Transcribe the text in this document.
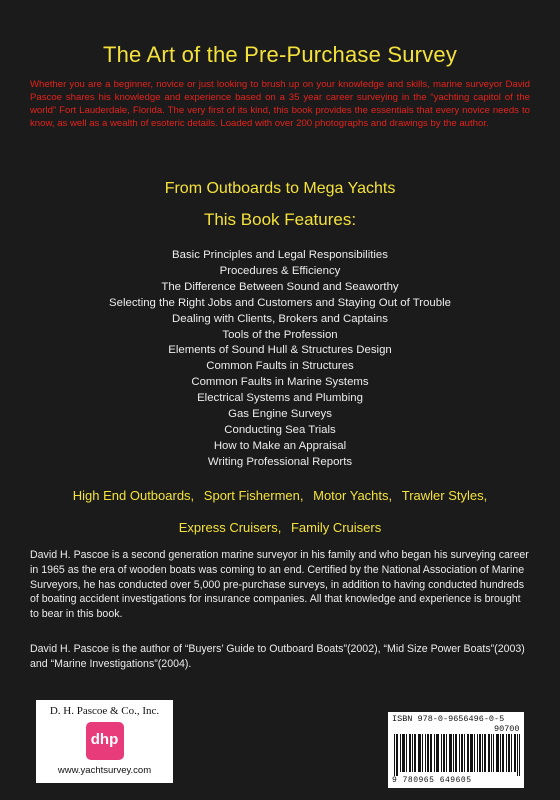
The Art of the Pre-Purchase Survey
Whether you are a beginner, novice or just looking to brush up on your knowledge and skills, marine surveyor David Pascoe shares his knowledge and experience based on a 35 year career surveying in the “yachting capitol of the world” Fort Lauderdale, Florida. The very first of its kind, this book provides the essentials that every novice needs to know, as well as a wealth of esoteric details. Loaded with over 200 photographs and drawings by the author.
From Outboards to Mega Yachts
This Book Features:
Basic Principles and Legal Responsibilities
Procedures & Efficiency
The Difference Between Sound and Seaworthy
Selecting the Right Jobs and Customers and Staying Out of Trouble
Dealing with Clients, Brokers and Captains
Tools of the Profession
Elements of Sound Hull & Structures Design
Common Faults in Structures
Common Faults in Marine Systems
Electrical Systems and Plumbing
Gas Engine Surveys
Conducting Sea Trials
How to Make an Appraisal
Writing Professional Reports
High End Outboards, Sport Fishermen, Motor Yachts, Trawler Styles,
Express Cruisers, Family Cruisers
David H. Pascoe is a second generation marine surveyor in his family and who began his surveying career in 1965 as the era of wooden boats was coming to an end. Certified by the National Association of Marine Surveyors, he has conducted over 5,000 pre-purchase surveys, in addition to having conducted hundreds of boating accident investigations for insurance companies. All that knowledge and experience is brought to bear in this book.
David H. Pascoe is the author of “Buyers’ Guide to Outboard Boats”(2002), “Mid Size Power Boats”(2003) and “Marine Investigations”(2004).
D. H. Pascoe & Co., Inc.
dhp
www.yachtsurvey.com
ISBN 978-0-9656496-0-5
90700
9 780965 649605
